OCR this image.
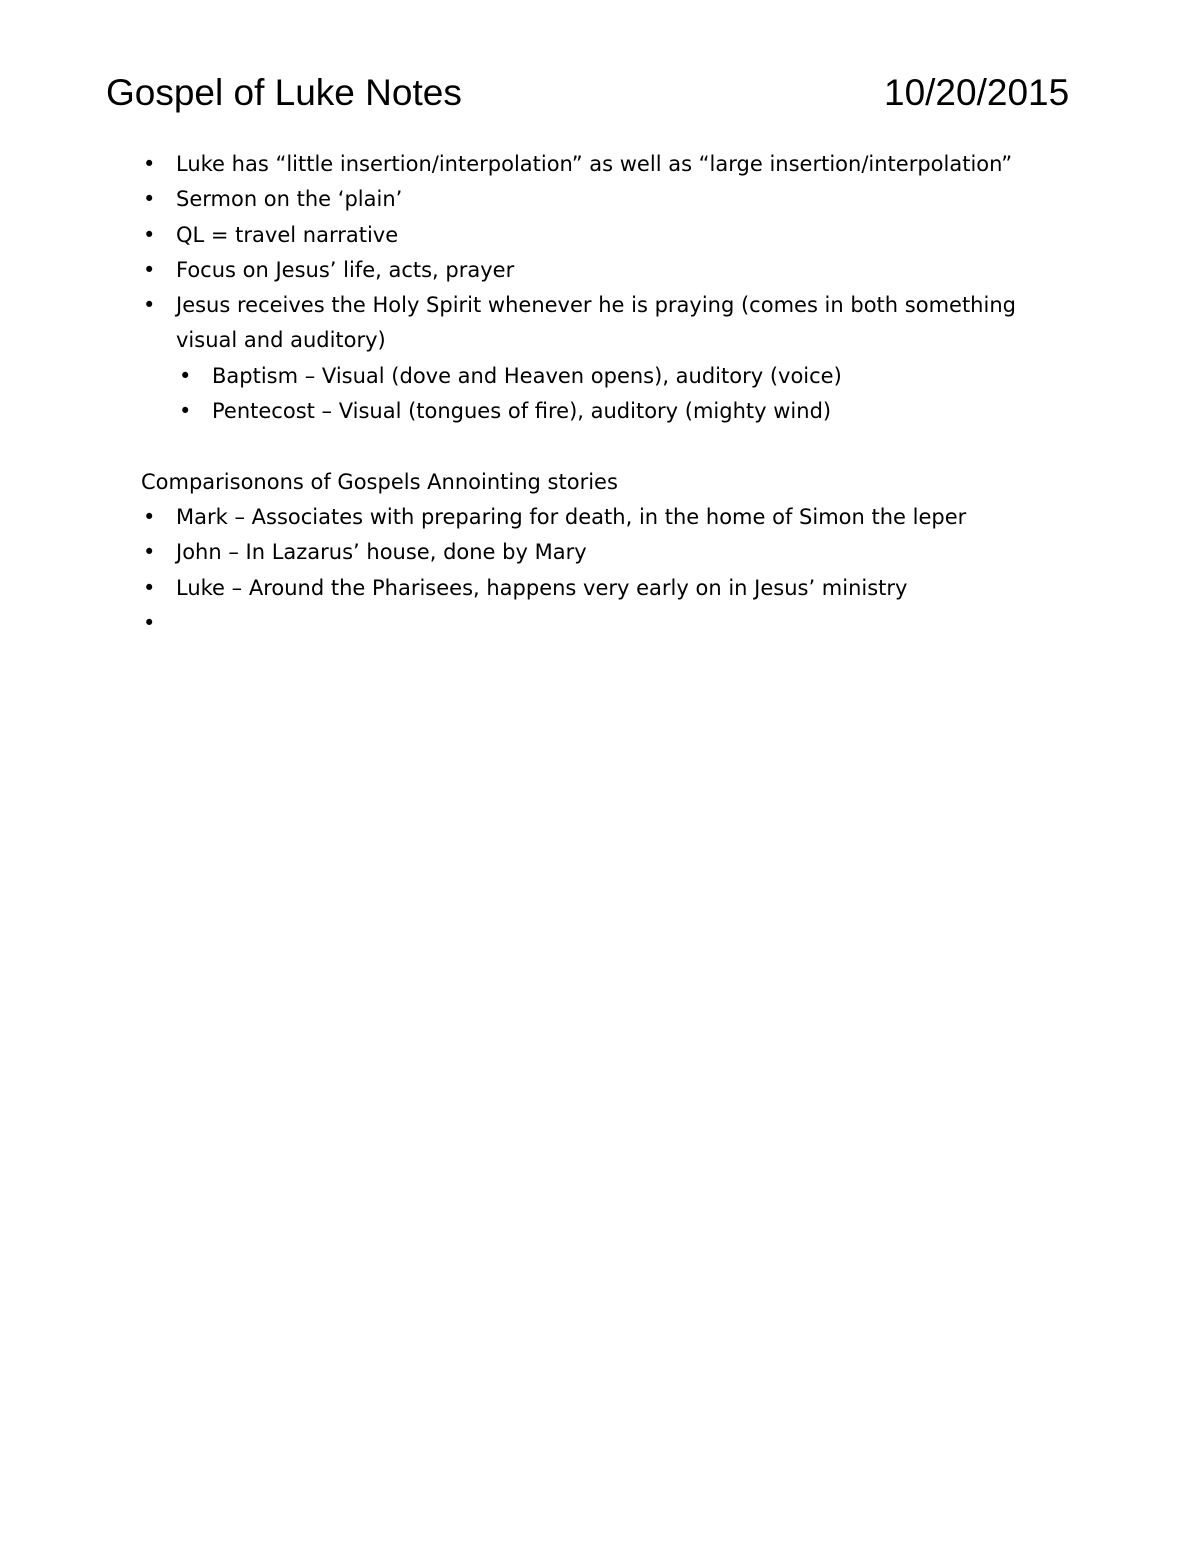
Gospel of Luke Notes	10/20/2015
• Luke has “little insertion/interpolation” as well as “large insertion/interpolation”
• Sermon on the ‘plain’
• QL = travel narrative
• Focus on Jesus’ life, acts, prayer
• Jesus receives the Holy Spirit whenever he is praying (comes in both something visual and auditory)
• Baptism – Visual (dove and Heaven opens), auditory (voice)
• Pentecost – Visual (tongues of fire), auditory (mighty wind)
Comparisonons of Gospels Annointing stories
• Mark – Associates with preparing for death, in the home of Simon the leper
• John – In Lazarus’ house, done by Mary
• Luke – Around the Pharisees, happens very early on in Jesus’ ministry
•
